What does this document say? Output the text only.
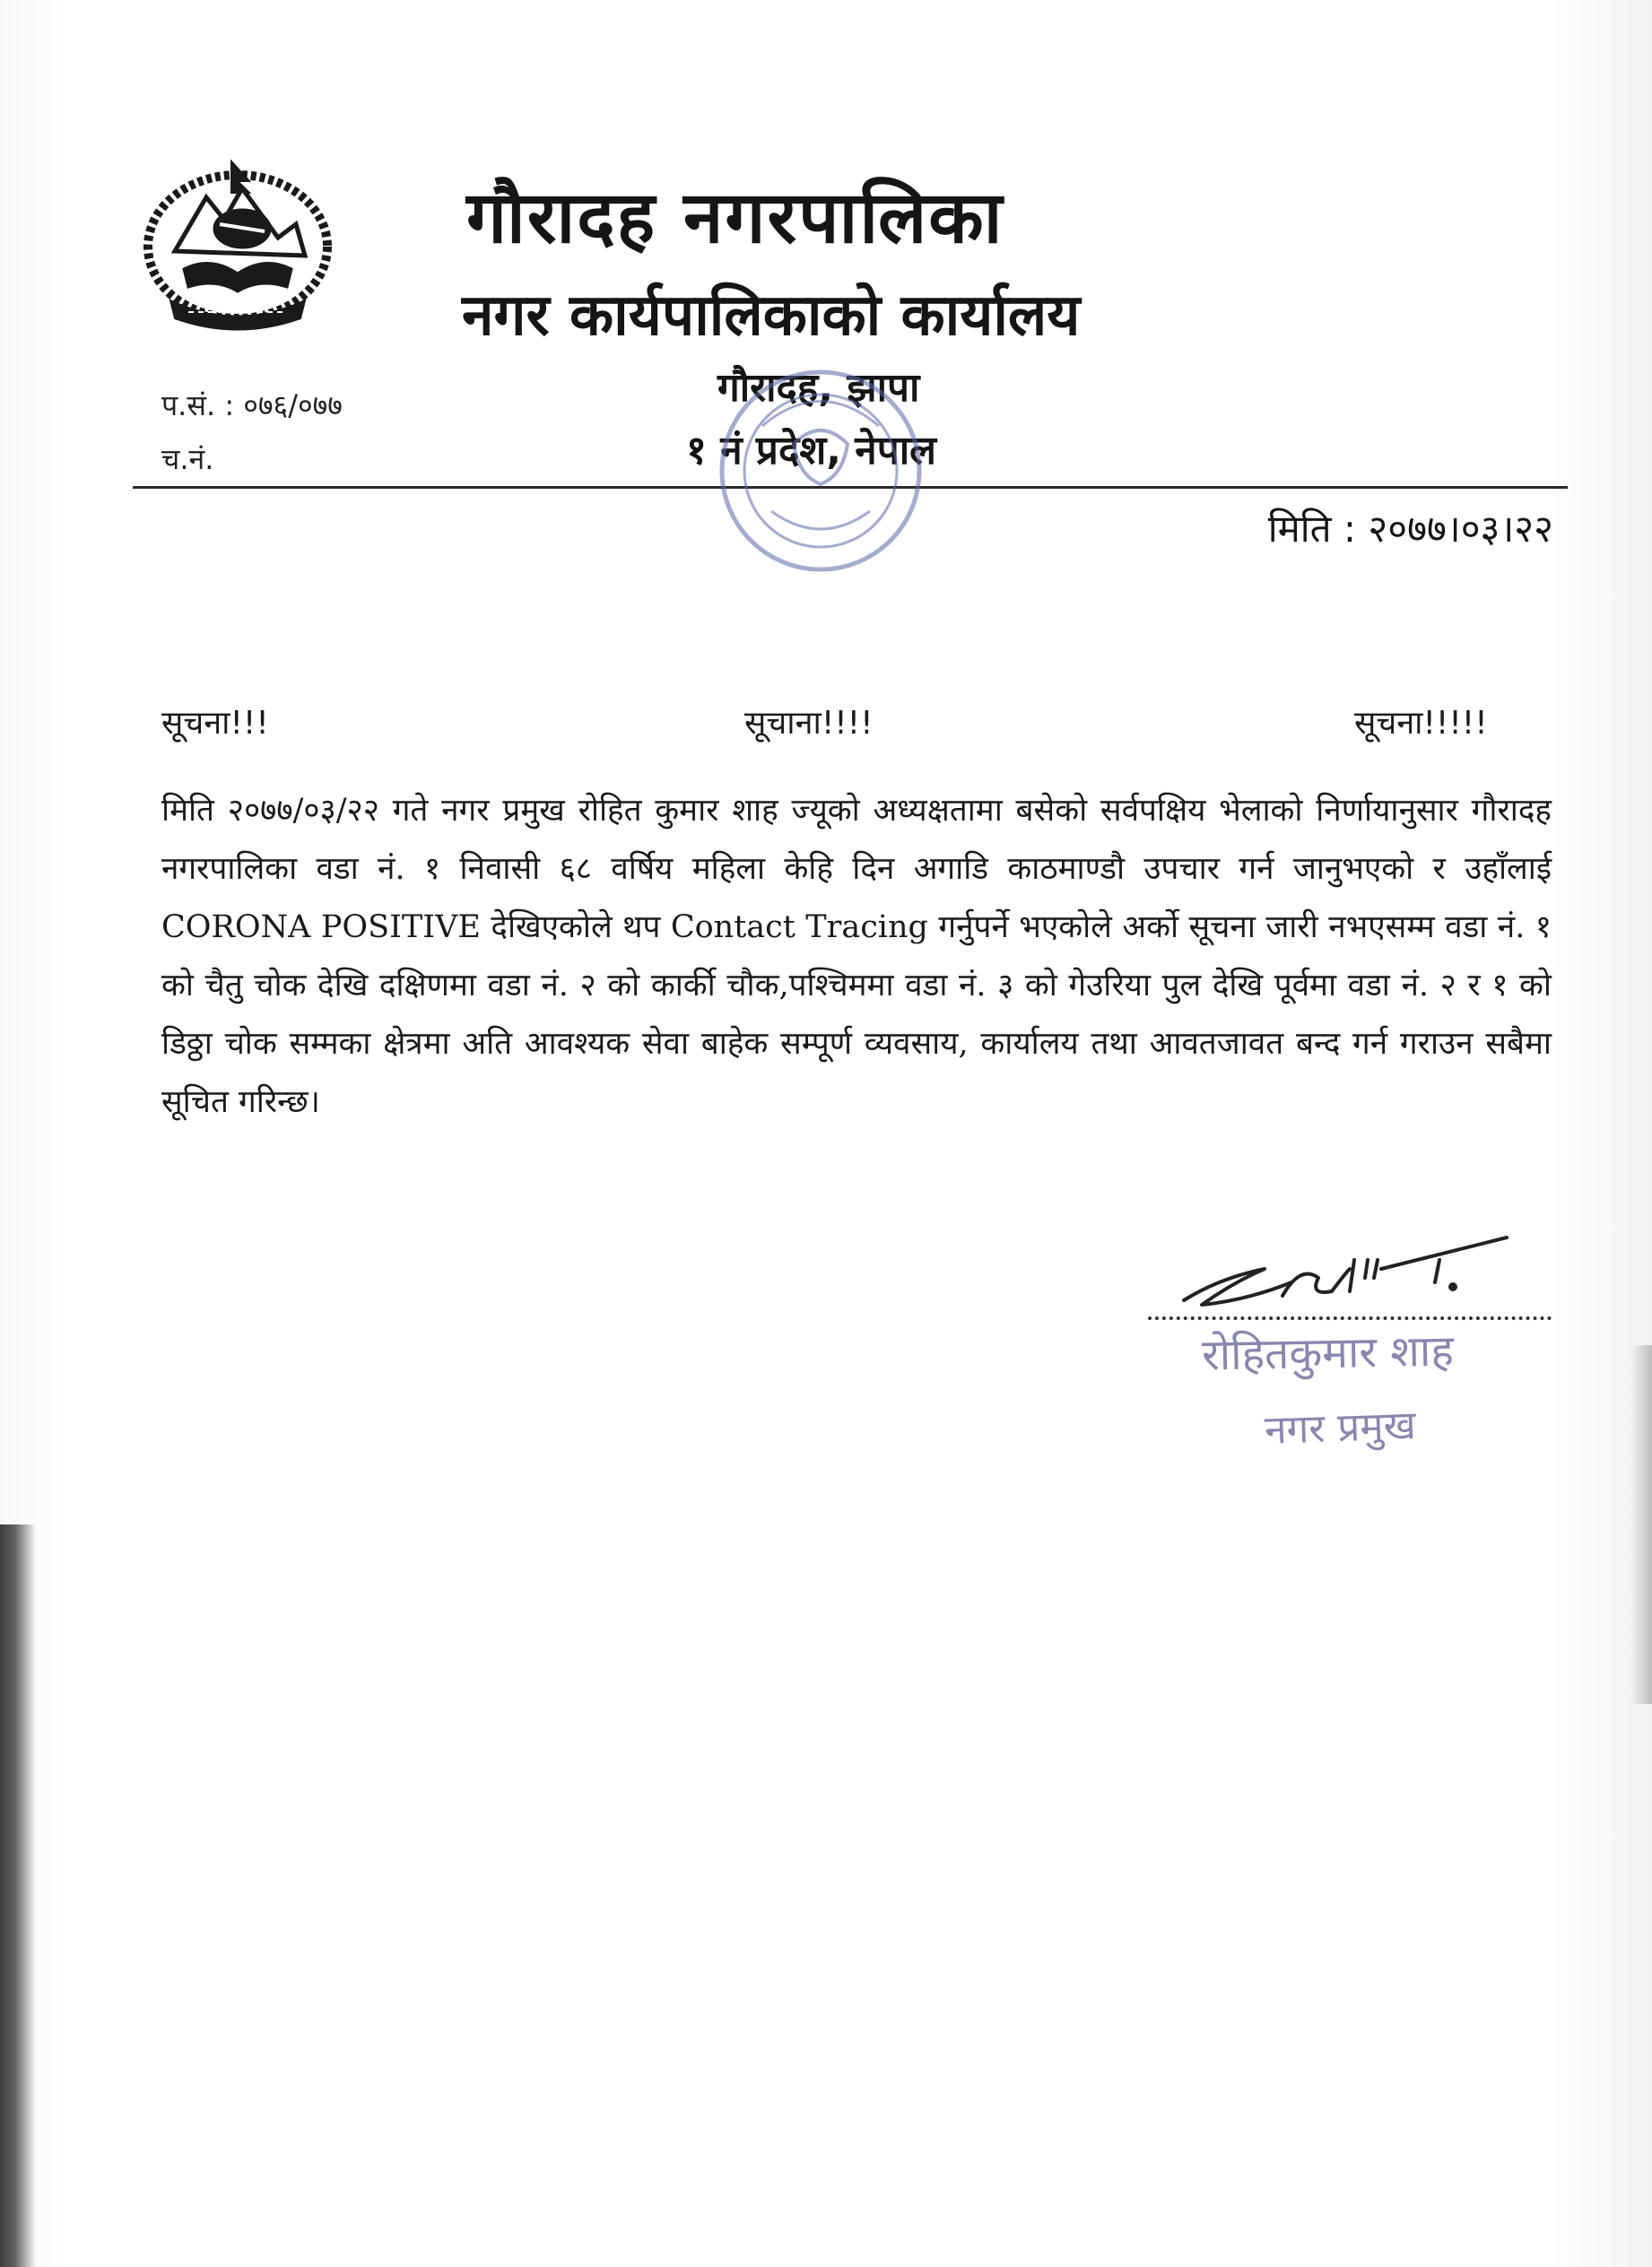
गौरादह नगरपालिका
नगर कार्यपालिकाको कार्यालय
गौरादह, झापा
१ नं प्रदेश, नेपाल
प.सं. : ०७६/०७७
च.नं.
मिति : २०७७।०३।२२
सूचना!!!	सूचाना!!!!	सूचना!!!!!
मिति २०७७/०३/२२ गते नगर प्रमुख रोहित कुमार शाह ज्यूको अध्यक्षतामा बसेको सर्वपक्षिय भेलाको निर्णायानुसार गौरादह नगरपालिका वडा नं. १ निवासी ६८ वर्षिय महिला केहि दिन अगाडि काठमाण्डौ उपचार गर्न जानुभएको र उहाँलाई CORONA POSITIVE देखिएकोले थप Contact Tracing गर्नुपर्ने भएकोले अर्को सूचना जारी नभएसम्म वडा नं. १ को चैतु चोक देखि दक्षिणमा वडा नं. २ को कार्की चौक,पश्चिममा वडा नं. ३ को गेउरिया पुल देखि पूर्वमा वडा नं. २ र १ को डिठ्ठा चोक सम्मका क्षेत्रमा अति आवश्यक सेवा बाहेक सम्पूर्ण व्यवसाय, कार्यालय तथा आवतजावत बन्द गर्न गराउन सबैमा सूचित गरिन्छ।
रोहितकुमार शाह
नगर प्रमुख
